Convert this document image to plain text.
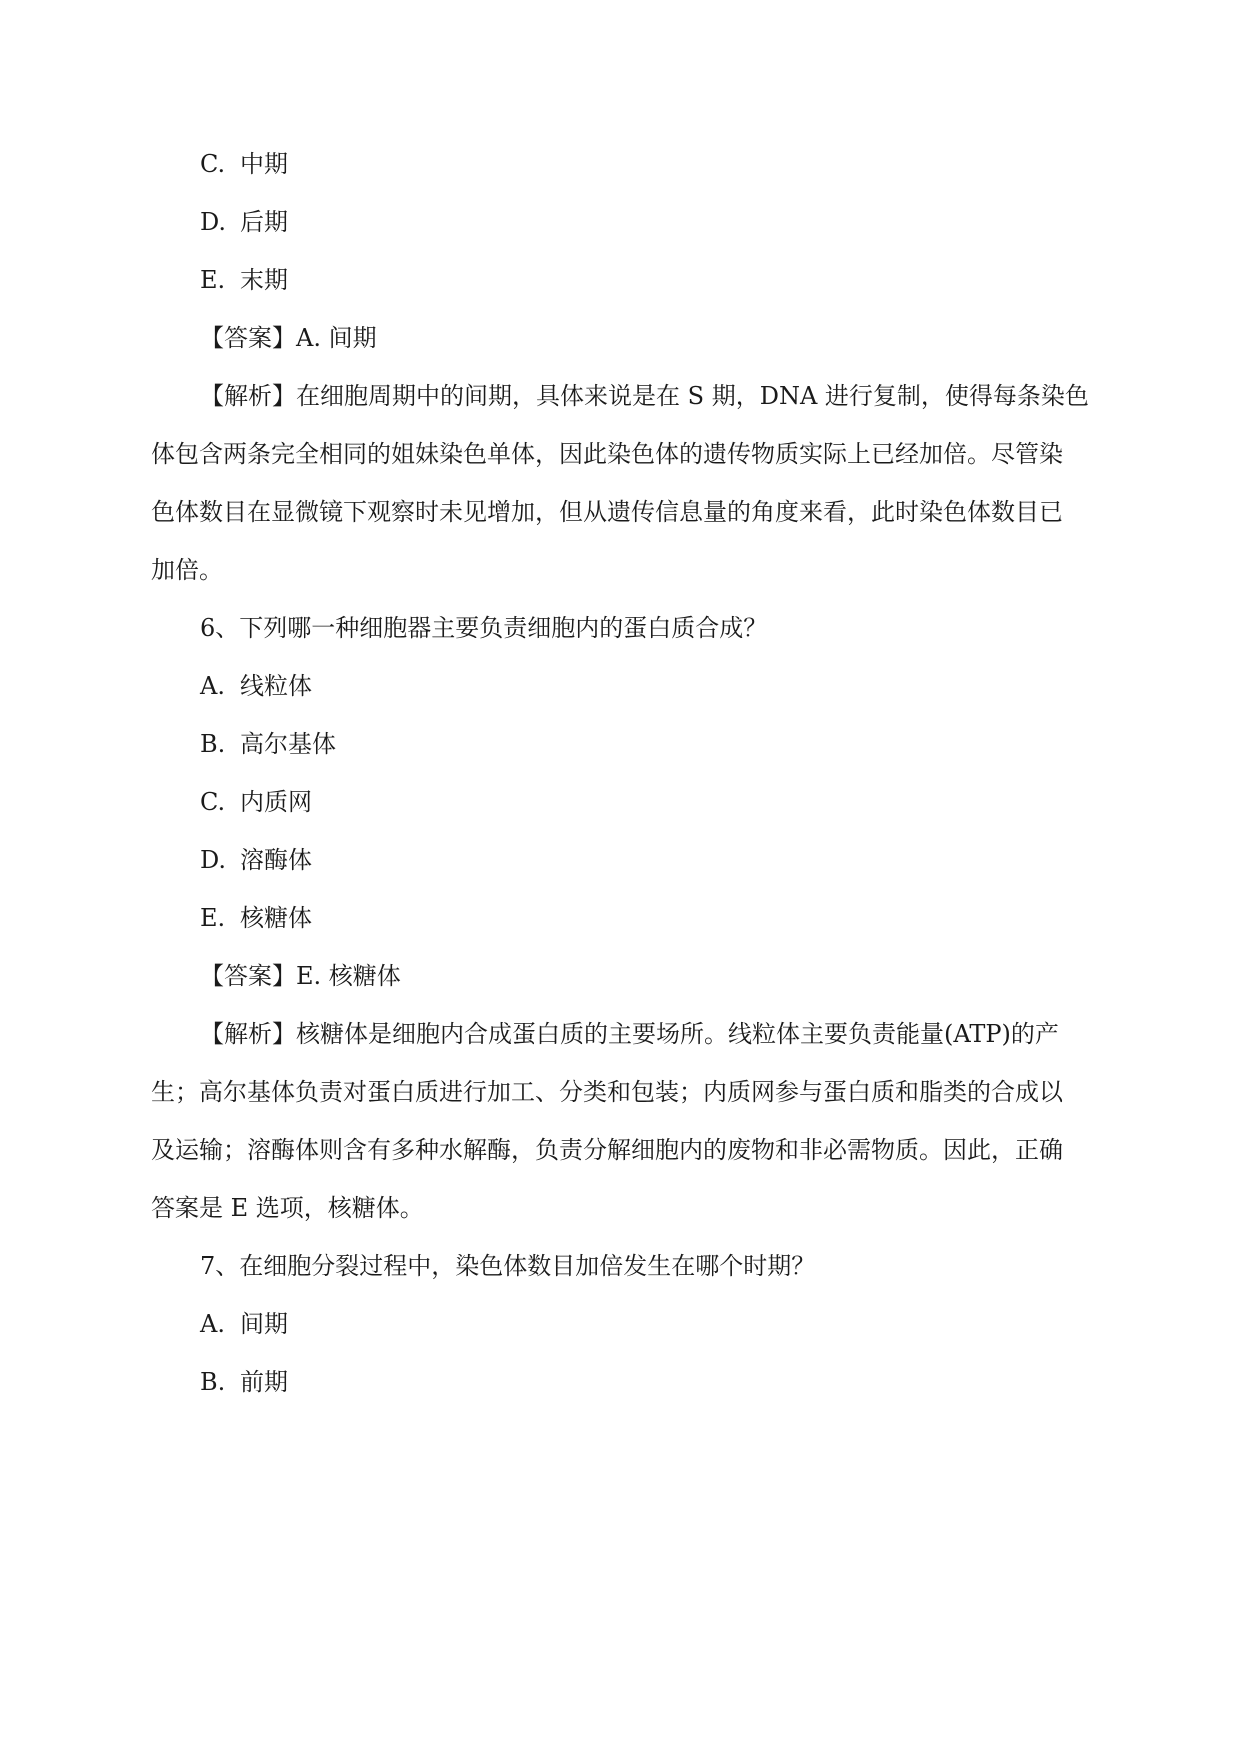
C. 中期
D. 后期
E. 末期
【答案】A. 间期
【解析】在细胞周期中的间期，具体来说是在 S 期，DNA 进行复制，使得每条染色
体包含两条完全相同的姐妹染色单体，因此染色体的遗传物质实际上已经加倍。尽管染
色体数目在显微镜下观察时未见增加，但从遗传信息量的角度来看，此时染色体数目已
加倍。
6、下列哪一种细胞器主要负责细胞内的蛋白质合成？
A. 线粒体
B. 高尔基体
C. 内质网
D. 溶酶体
E. 核糖体
【答案】E. 核糖体
【解析】核糖体是细胞内合成蛋白质的主要场所。线粒体主要负责能量(ATP)的产
生；高尔基体负责对蛋白质进行加工、分类和包装；内质网参与蛋白质和脂类的合成以
及运输；溶酶体则含有多种水解酶，负责分解细胞内的废物和非必需物质。因此，正确
答案是 E 选项，核糖体。
7、在细胞分裂过程中，染色体数目加倍发生在哪个时期？
A. 间期
B. 前期
